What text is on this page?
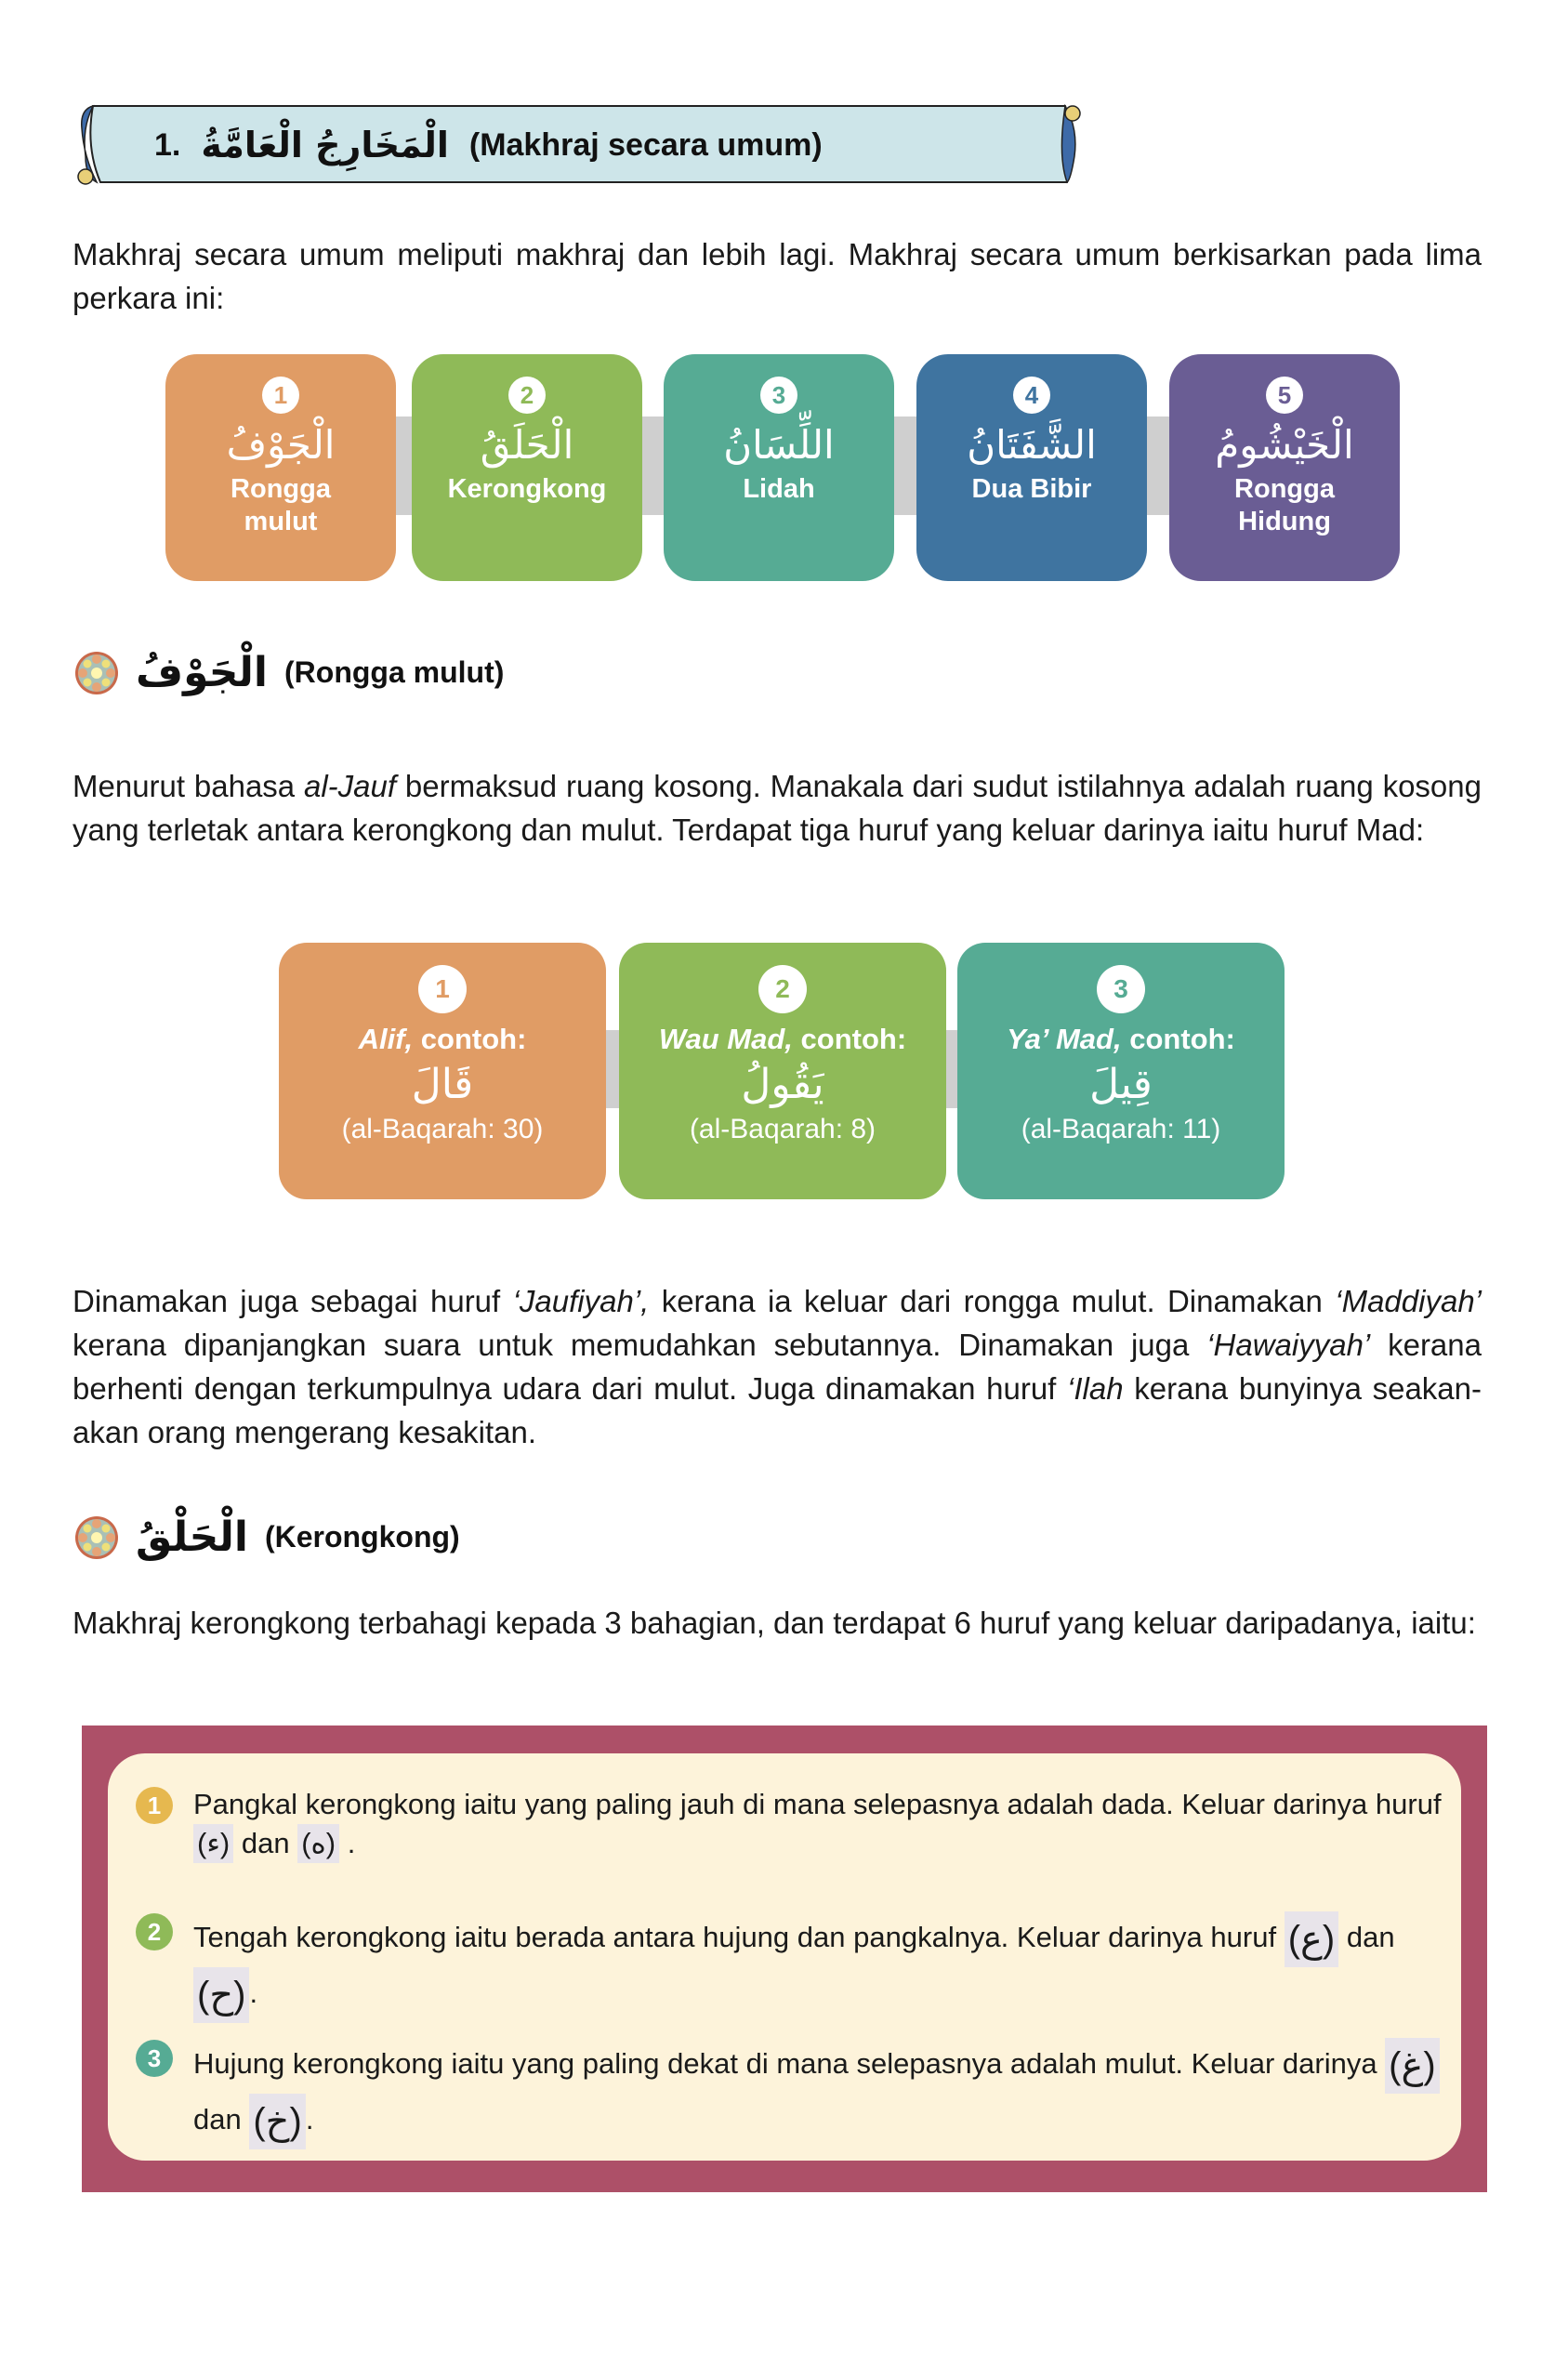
1. الْمَخَارِجُ الْعَامَّةُ (Makhraj secara umum)
Makhraj secara umum meliputi makhraj dan lebih lagi. Makhraj secara umum berkisarkan pada lima perkara ini:
1
الْجَوْفُ
Rongga mulut
2
الْحَلَقُ
Kerongkong
3
اللِّسَانُ
Lidah
4
الشَّفَتَانُ
Dua Bibir
5
الْخَيْشُومُ
Rongga Hidung
الْجَوْفُ (Rongga mulut)
Menurut bahasa al-Jauf bermaksud ruang kosong. Manakala dari sudut istilahnya adalah ruang kosong yang terletak antara kerongkong dan mulut. Terdapat tiga huruf yang keluar darinya iaitu huruf Mad:
1
Alif, contoh:
قَالَ
(al-Baqarah: 30)
2
Wau Mad, contoh:
يَقُولُ
(al-Baqarah: 8)
3
Ya’ Mad, contoh:
قِيلَ
(al-Baqarah: 11)
Dinamakan juga sebagai huruf ‘Jaufiyah’, kerana ia keluar dari rongga mulut. Dinamakan ‘Maddiyah’ kerana dipanjangkan suara untuk memudahkan sebutannya. Dinamakan juga ‘Hawaiyyah’ kerana berhenti dengan terkumpulnya udara dari mulut. Juga dinamakan huruf ‘Ilah kerana bunyinya seakan-akan orang mengerang kesakitan.
الْحَلْقُ (Kerongkong)
Makhraj kerongkong terbahagi kepada 3 bahagian, dan terdapat 6 huruf yang keluar daripadanya, iaitu:
1	Pangkal kerongkong iaitu yang paling jauh di mana selepasnya adalah dada. Keluar darinya huruf (ء) dan (ه) .
2	Tengah kerongkong iaitu berada antara hujung dan pangkalnya. Keluar darinya huruf (ع) dan (ح) .
3	Hujung kerongkong iaitu yang paling dekat di mana selepasnya adalah mulut. Keluar darinya (غ) dan (خ) .
